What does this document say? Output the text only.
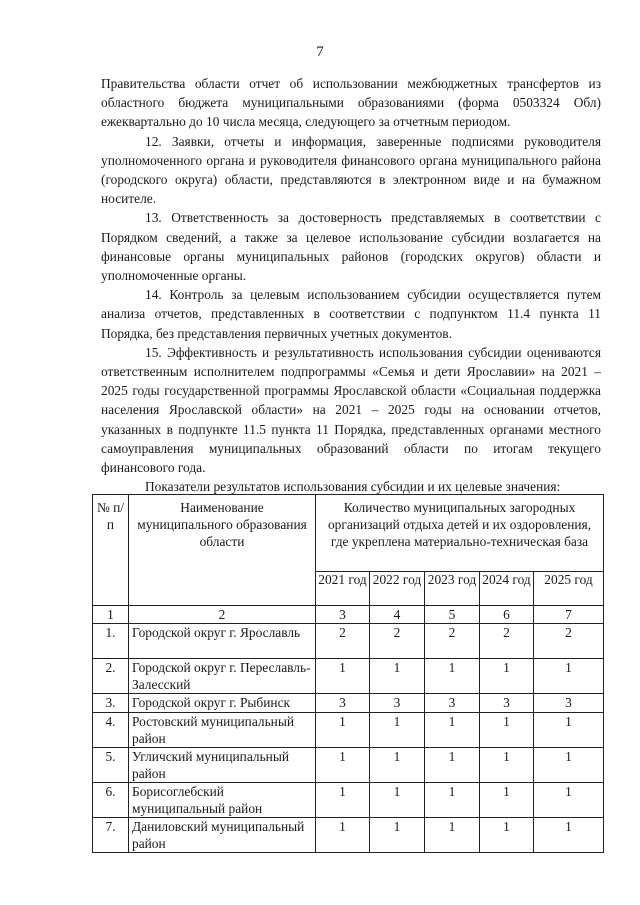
7

Правительства области отчет об использовании межбюджетных трансфертов из областного бюджета муниципальными образованиями (форма 0503324 Обл) ежеквартально до 10 числа месяца, следующего за отчетным периодом.

12. Заявки, отчеты и информация, заверенные подписями руководителя уполномоченного органа и руководителя финансового органа муниципального района (городского округа) области, представляются в электронном виде и на бумажном носителе.

13. Ответственность за достоверность представляемых в соответствии с Порядком сведений, а также за целевое использование субсидии возлагается на финансовые органы муниципальных районов (городских округов) области и уполномоченные органы.

14. Контроль за целевым использованием субсидии осуществляется путем анализа отчетов, представленных в соответствии с подпунктом 11.4 пункта 11 Порядка, без представления первичных учетных документов.

15. Эффективность и результативность использования субсидии оцениваются ответственным исполнителем подпрограммы «Семья и дети Ярославии» на 2021 – 2025 годы государственной программы Ярославской области «Социальная поддержка населения Ярославской области» на 2021 – 2025 годы на основании отчетов, указанных в подпункте 11.5 пункта 11 Порядка, представленных органами местного самоуправления муниципальных образований области по итогам текущего финансового года.

Показатели результатов использования субсидии и их целевые значения:

№ п/п	Наименование муниципального образования области	Количество муниципальных загородных организаций отдыха детей и их оздоровления, где укреплена материально-техническая база				
		2021 год	2022 год	2023 год	2024 год	2025 год
1	2	3	4	5	6	7
1.	Городской округ г. Ярославль	2	2	2	2	2
2.	Городской округ г. Переславль-Залесский	1	1	1	1	1
3.	Городской округ г. Рыбинск	3	3	3	3	3
4.	Ростовский муниципальный район	1	1	1	1	1
5.	Угличский муниципальный район	1	1	1	1	1
6.	Борисоглебский муниципальный район	1	1	1	1	1
7.	Даниловский муниципальный район	1	1	1	1	1
